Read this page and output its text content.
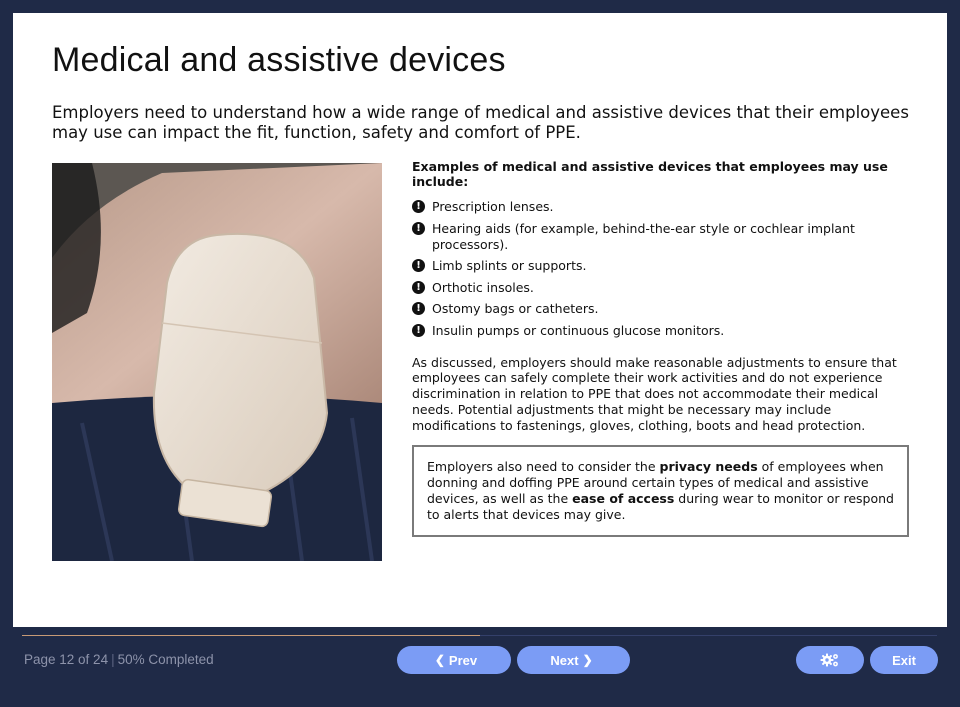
Medical and assistive devices

Employers need to understand how a wide range of medical and assistive devices that their employees may use can impact the fit, function, safety and comfort of PPE.

Examples of medical and assistive devices that employees may use include:

! Prescription lenses.
! Hearing aids (for example, behind-the-ear style or cochlear implant processors).
! Limb splints or supports.
! Orthotic insoles.
! Ostomy bags or catheters.
! Insulin pumps or continuous glucose monitors.

As discussed, employers should make reasonable adjustments to ensure that employees can safely complete their work activities and do not experience discrimination in relation to PPE that does not accommodate their medical needs. Potential adjustments that might be necessary may include modifications to fastenings, gloves, clothing, boots and head protection.

Employers also need to consider the privacy needs of employees when donning and doffing PPE around certain types of medical and assistive devices, as well as the ease of access during wear to monitor or respond to alerts that devices may give.
Page 12 of 24 | 50% Completed	❮ Prev	Next ❯	Exit
